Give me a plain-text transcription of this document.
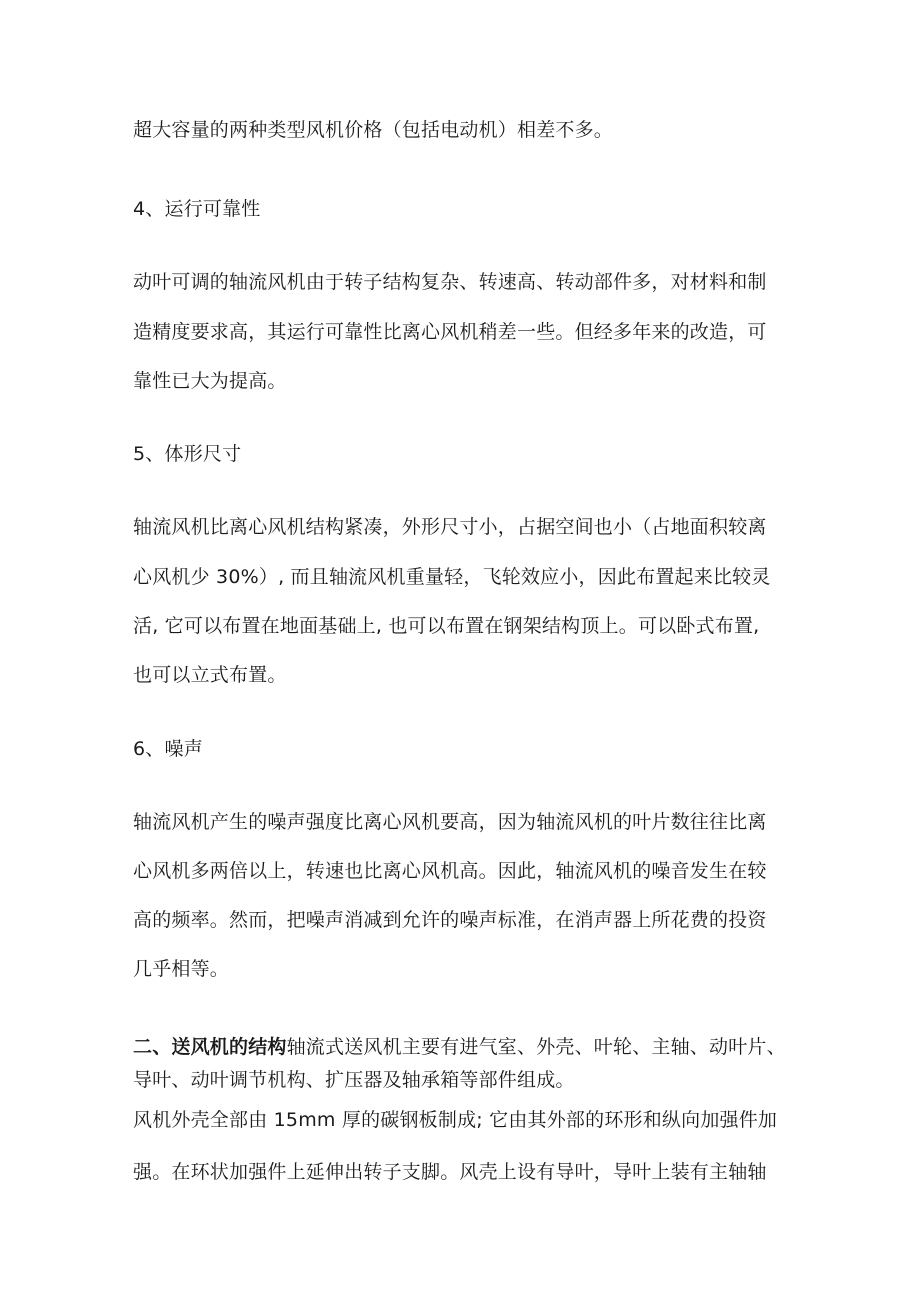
超大容量的两种类型风机价格（包括电动机）相差不多。
4、运行可靠性
动叶可调的轴流风机由于转子结构复杂、转速高、转动部件多，对材料和制
造精度要求高，其运行可靠性比离心风机稍差一些。但经多年来的改造，可
靠性已大为提高。
5、体形尺寸
轴流风机比离心风机结构紧凑，外形尺寸小，占据空间也小（占地面积较离
心风机少 30%）, 而且轴流风机重量轻，飞轮效应小，因此布置起来比较灵
活, 它可以布置在地面基础上, 也可以布置在钢架结构顶上。可以卧式布置,
也可以立式布置。
6、噪声
轴流风机产生的噪声强度比离心风机要高，因为轴流风机的叶片数往往比离
心风机多两倍以上，转速也比离心风机高。因此，轴流风机的噪音发生在较
高的频率。然而，把噪声消减到允许的噪声标准，在消声器上所花费的投资
几乎相等。
二、送风机的结构轴流式送风机主要有进气室、外壳、叶轮、主轴、动叶片、
导叶、动叶调节机构、扩压器及轴承箱等部件组成。
风机外壳全部由 15mm 厚的碳钢板制成; 它由其外部的环形和纵向加强件加
强。在环状加强件上延伸出转子支脚。风壳上设有导叶，导叶上装有主轴轴
